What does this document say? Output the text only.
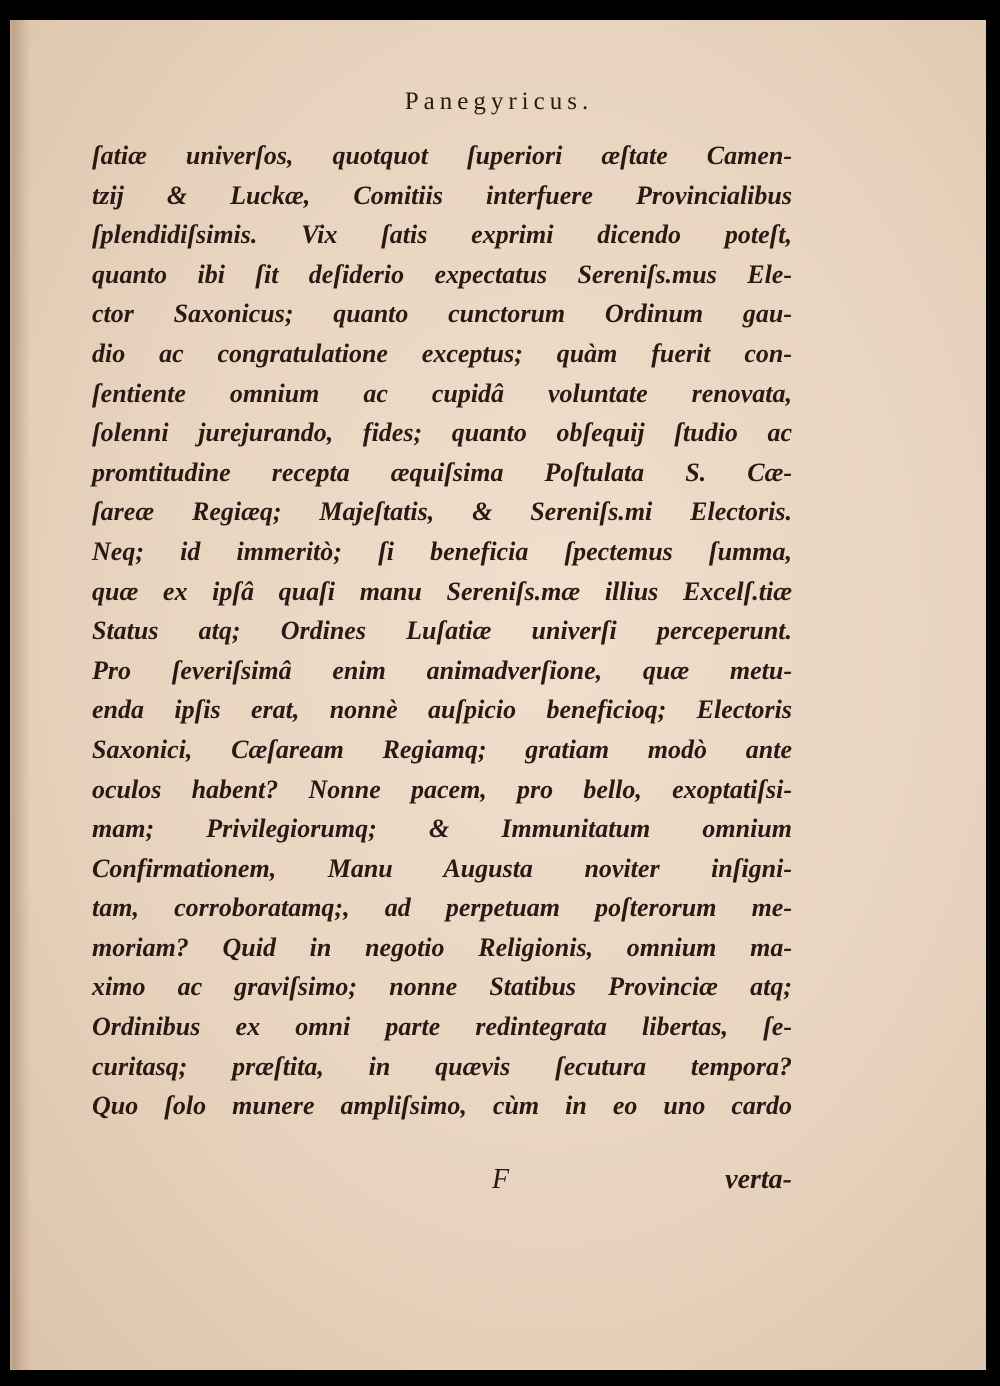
Panegyricus.
ſatiæ univerſos, quotquot ſuperiori æſtate Camen-
tzij & Luckæ, Comitiis interfuere Provincialibus
ſplendidiſsimis. Vix ſatis exprimi dicendo poteſt,
quanto ibi ſit deſiderio expectatus Sereniſs.mus Ele-
ctor Saxonicus; quanto cunctorum Ordinum gau-
dio ac congratulatione exceptus; quàm fuerit con-
ſentiente omnium ac cupidâ voluntate renovata,
ſolenni jurejurando, fides; quanto obſequij ſtudio ac
promtitudine recepta æquiſsima Poſtulata S. Cæ-
ſareæ Regiæq; Majeſtatis, & Sereniſs.mi Electoris.
Neq; id immeritò; ſi beneficia ſpectemus ſumma,
quæ ex ipſâ quaſi manu Sereniſs.mæ illius Excelſ.tiæ
Status atq; Ordines Luſatiæ univerſi perceperunt.
Pro ſeveriſsimâ enim animadverſione, quæ metu-
enda ipſis erat, nonnè auſpicio beneficioq; Electoris
Saxonici, Cæſaream Regiamq; gratiam modò ante
oculos habent? Nonne pacem, pro bello, exoptatiſsi-
mam; Privilegiorumq; & Immunitatum omnium
Confirmationem, Manu Augusta noviter inſigni-
tam, corroboratamq;, ad perpetuam poſterorum me-
moriam? Quid in negotio Religionis, omnium ma-
ximo ac graviſsimo; nonne Statibus Provinciæ atq;
Ordinibus ex omni parte redintegrata libertas, ſe-
curitasq; præſtita, in quævis ſecutura tempora?
Quo ſolo munere ampliſsimo, cùm in eo uno cardo
F	verta-
